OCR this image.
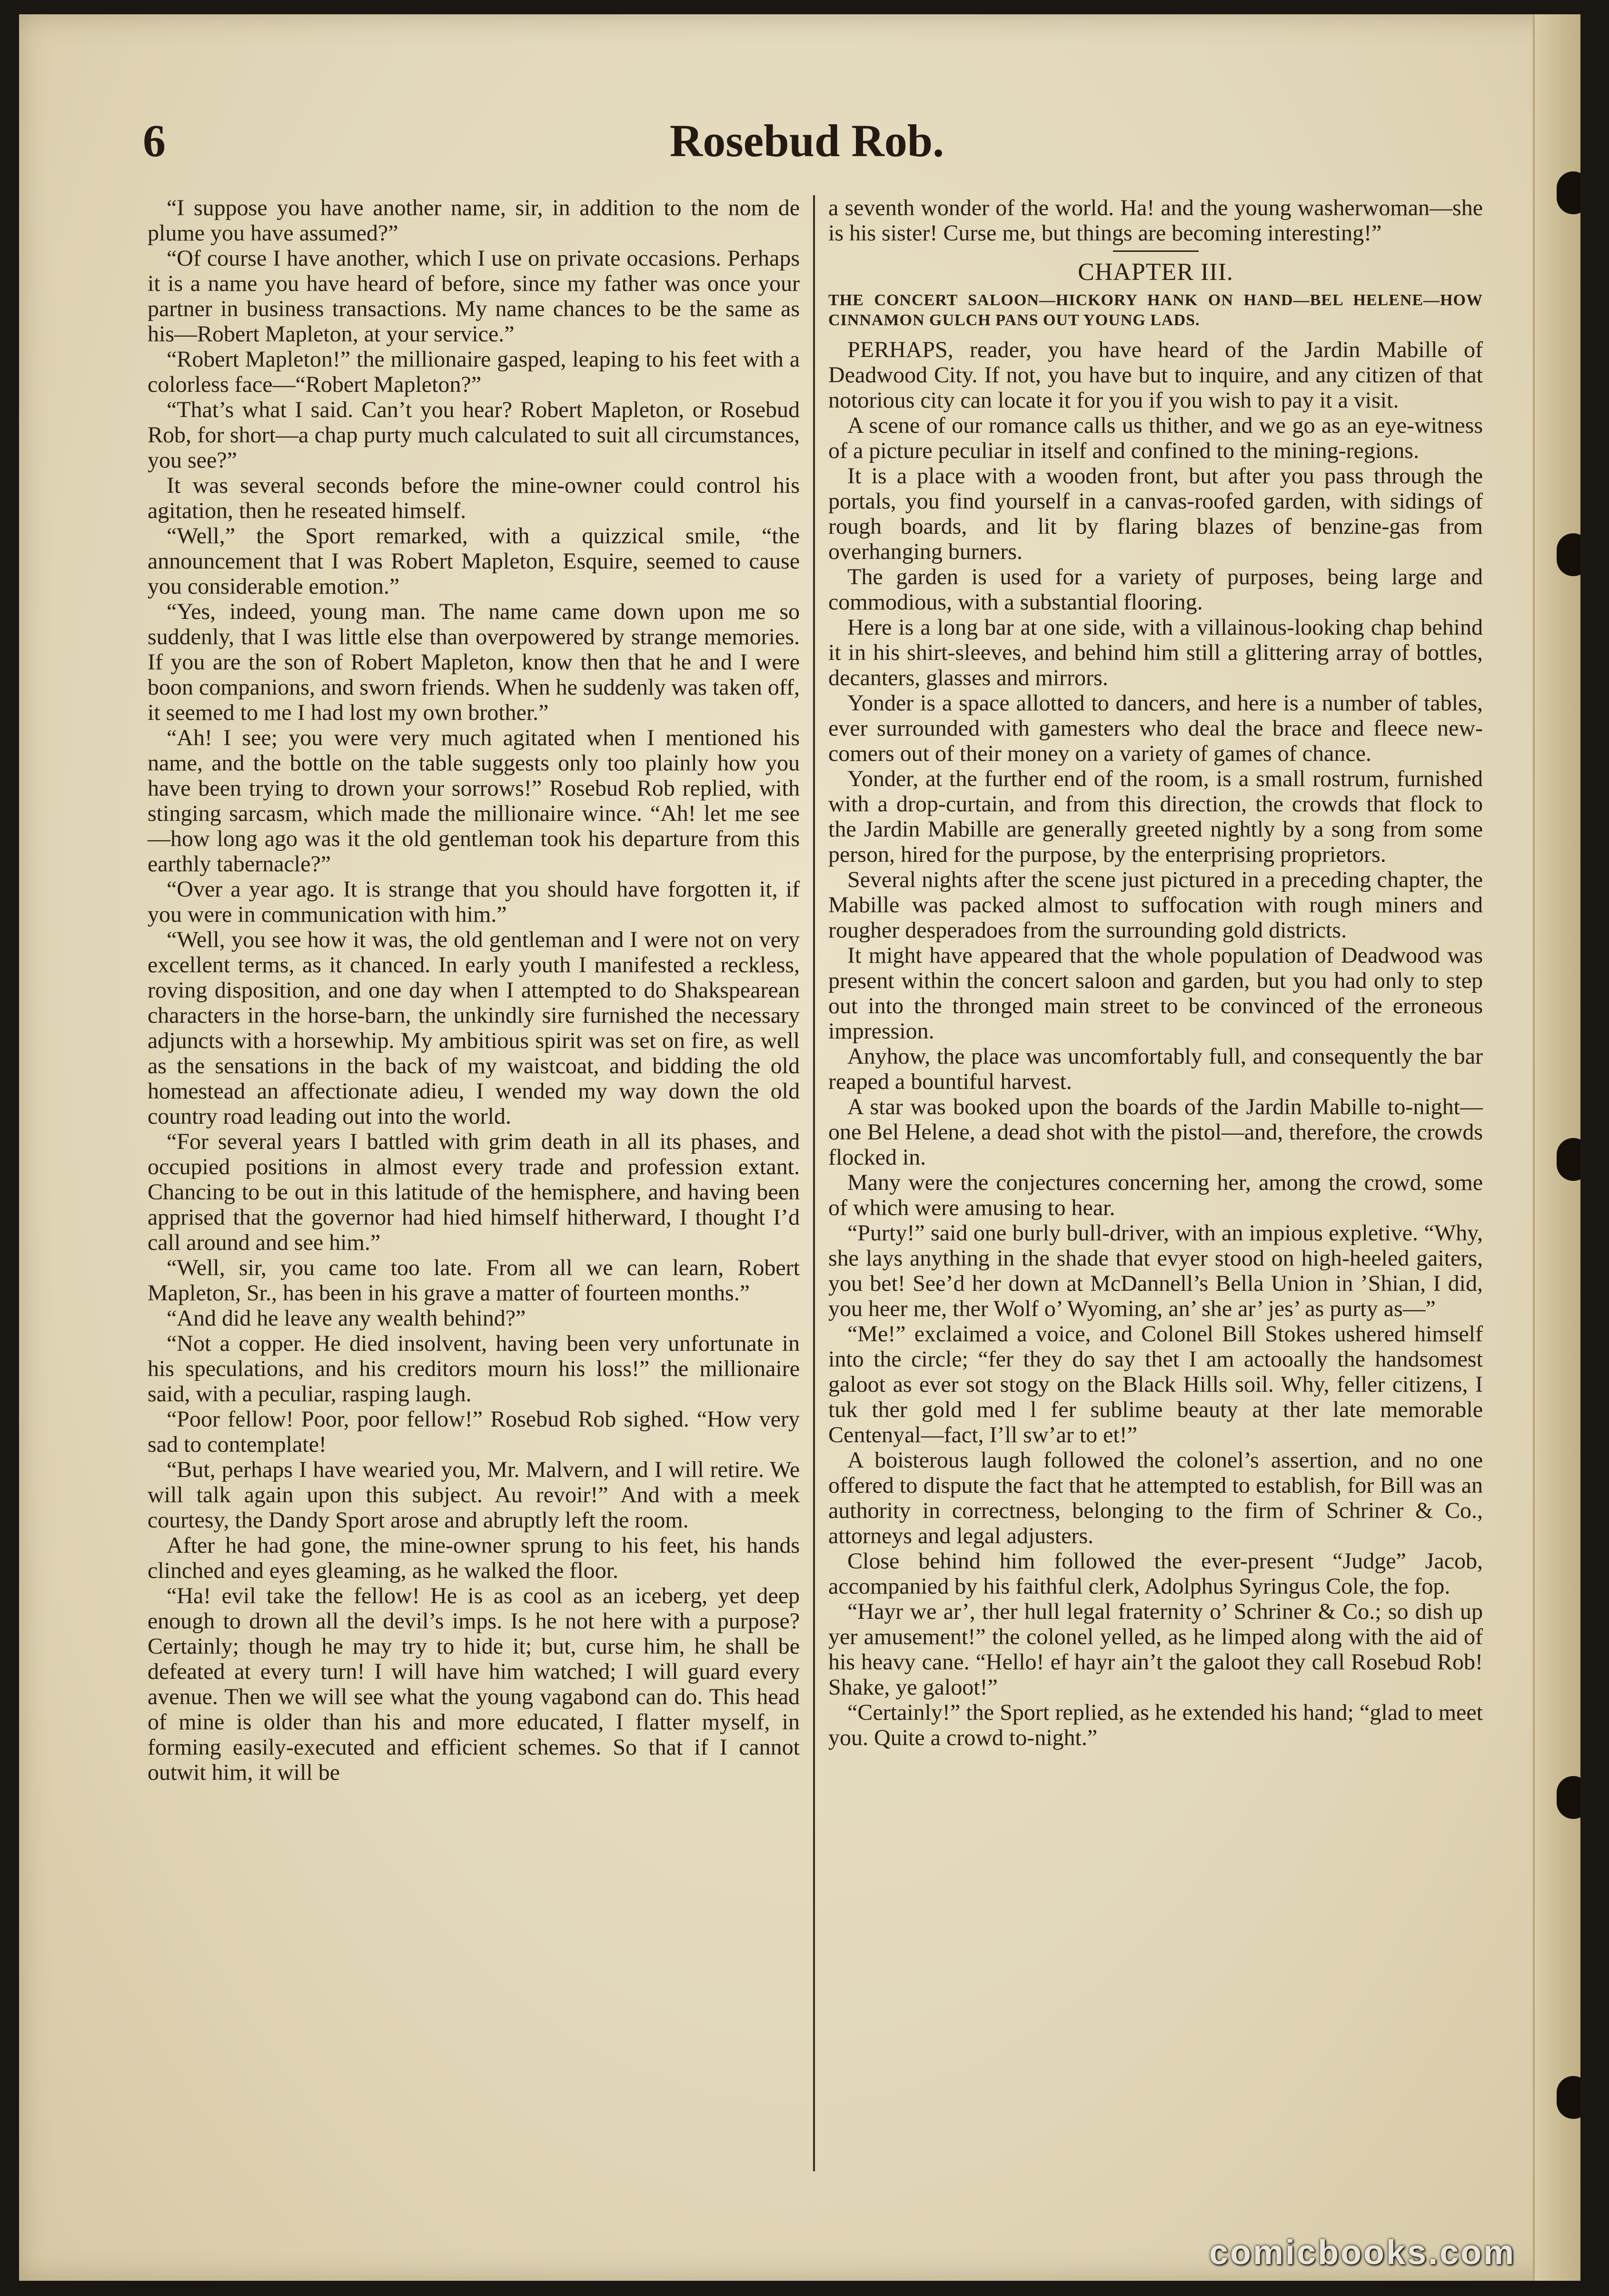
6	Rosebud Rob.

“I suppose you have another name, sir, in addition to the nom de plume you have assumed?”

“Of course I have another, which I use on private occasions. Perhaps it is a name you have heard of before, since my father was once your partner in business transactions. My name chances to be the same as his—Robert Mapleton, at your service.”

“Robert Mapleton!” the millionaire gasped, leaping to his feet with a colorless face—“Robert Mapleton?”

“That’s what I said. Can’t you hear? Robert Mapleton, or Rosebud Rob, for short—a chap purty much calculated to suit all circumstances, you see?”

It was several seconds before the mine-owner could control his agitation, then he reseated himself.

“Well,” the Sport remarked, with a quizzical smile, “the announcement that I was Robert Mapleton, Esquire, seemed to cause you considerable emotion.”

“Yes, indeed, young man. The name came down upon me so suddenly, that I was little else than overpowered by strange memories. If you are the son of Robert Mapleton, know then that he and I were boon companions, and sworn friends. When he suddenly was taken off, it seemed to me I had lost my own brother.”

“Ah! I see; you were very much agitated when I mentioned his name, and the bottle on the table suggests only too plainly how you have been trying to drown your sorrows!” Rosebud Rob replied, with stinging sarcasm, which made the millionaire wince. “Ah! let me see—how long ago was it the old gentleman took his departure from this earthly tabernacle?”

“Over a year ago. It is strange that you should have forgotten it, if you were in communication with him.”

“Well, you see how it was, the old gentleman and I were not on very excellent terms, as it chanced. In early youth I manifested a reckless, roving disposition, and one day when I attempted to do Shakspearean characters in the horse-barn, the unkindly sire furnished the necessary adjuncts with a horsewhip. My ambitious spirit was set on fire, as well as the sensations in the back of my waistcoat, and bidding the old homestead an affectionate adieu, I wended my way down the old country road leading out into the world.

“For several years I battled with grim death in all its phases, and occupied positions in almost every trade and profession extant. Chancing to be out in this latitude of the hemisphere, and having been apprised that the governor had hied himself hitherward, I thought I’d call around and see him.”

“Well, sir, you came too late. From all we can learn, Robert Mapleton, Sr., has been in his grave a matter of fourteen months.”

“And did he leave any wealth behind?”

“Not a copper. He died insolvent, having been very unfortunate in his speculations, and his creditors mourn his loss!” the millionaire said, with a peculiar, rasping laugh.

“Poor fellow! Poor, poor fellow!” Rosebud Rob sighed. “How very sad to contemplate!

“But, perhaps I have wearied you, Mr. Malvern, and I will retire. We will talk again upon this subject. Au revoir!” And with a meek courtesy, the Dandy Sport arose and abruptly left the room.

After he had gone, the mine-owner sprung to his feet, his hands clinched and eyes gleaming, as he walked the floor.

“Ha! evil take the fellow! He is as cool as an iceberg, yet deep enough to drown all the devil’s imps. Is he not here with a purpose? Certainly; though he may try to hide it; but, curse him, he shall be defeated at every turn! I will have him watched; I will guard every avenue. Then we will see what the young vagabond can do. This head of mine is older than his and more educated, I flatter myself, in forming easily-executed and efficient schemes. So that if I cannot outwit him, it will be

a seventh wonder of the world. Ha! and the young washerwoman—she is his sister! Curse me, but things are becoming interesting!”

CHAPTER III.
THE CONCERT SALOON—HICKORY HANK ON HAND—BEL HELENE—HOW CINNAMON GULCH PANS OUT YOUNG LADS.

PERHAPS, reader, you have heard of the Jardin Mabille of Deadwood City. If not, you have but to inquire, and any citizen of that notorious city can locate it for you if you wish to pay it a visit.

A scene of our romance calls us thither, and we go as an eye-witness of a picture peculiar in itself and confined to the mining-regions.

It is a place with a wooden front, but after you pass through the portals, you find yourself in a canvas-roofed garden, with sidings of rough boards, and lit by flaring blazes of benzine-gas from overhanging burners.

The garden is used for a variety of purposes, being large and commodious, with a substantial flooring.

Here is a long bar at one side, with a villainous-looking chap behind it in his shirt-sleeves, and behind him still a glittering array of bottles, decanters, glasses and mirrors.

Yonder is a space allotted to dancers, and here is a number of tables, ever surrounded with gamesters who deal the brace and fleece new-comers out of their money on a variety of games of chance.

Yonder, at the further end of the room, is a small rostrum, furnished with a drop-curtain, and from this direction, the crowds that flock to the Jardin Mabille are generally greeted nightly by a song from some person, hired for the purpose, by the enterprising proprietors.

Several nights after the scene just pictured in a preceding chapter, the Mabille was packed almost to suffocation with rough miners and rougher desperadoes from the surrounding gold districts.

It might have appeared that the whole population of Deadwood was present within the concert saloon and garden, but you had only to step out into the thronged main street to be convinced of the erroneous impression.

Anyhow, the place was uncomfortably full, and consequently the bar reaped a bountiful harvest.

A star was booked upon the boards of the Jardin Mabille to-night—one Bel Helene, a dead shot with the pistol—and, therefore, the crowds flocked in.

Many were the conjectures concerning her, among the crowd, some of which were amusing to hear.

“Purty!” said one burly bull-driver, with an impious expletive. “Why, she lays anything in the shade that evyer stood on high-heeled gaiters, you bet! See’d her down at McDannell’s Bella Union in ’Shian, I did, you heer me, ther Wolf o’ Wyoming, an’ she ar’ jes’ as purty as—”

“Me!” exclaimed a voice, and Colonel Bill Stokes ushered himself into the circle; “fer they do say thet I am actooally the handsomest galoot as ever sot stogy on the Black Hills soil. Why, feller citizens, I tuk ther gold med l fer sublime beauty at ther late memorable Centenyal—fact, I’ll sw’ar to et!”

A boisterous laugh followed the colonel’s assertion, and no one offered to dispute the fact that he attempted to establish, for Bill was an authority in correctness, belonging to the firm of Schriner & Co., attorneys and legal adjusters.

Close behind him followed the ever-present “Judge” Jacob, accompanied by his faithful clerk, Adolphus Syringus Cole, the fop.

“Hayr we ar’, ther hull legal fraternity o’ Schriner & Co.; so dish up yer amusement!” the colonel yelled, as he limped along with the aid of his heavy cane. “Hello! ef hayr ain’t the galoot they call Rosebud Rob! Shake, ye galoot!”

“Certainly!” the Sport replied, as he extended his hand; “glad to meet you. Quite a crowd to-night.”

comicbooks.com
